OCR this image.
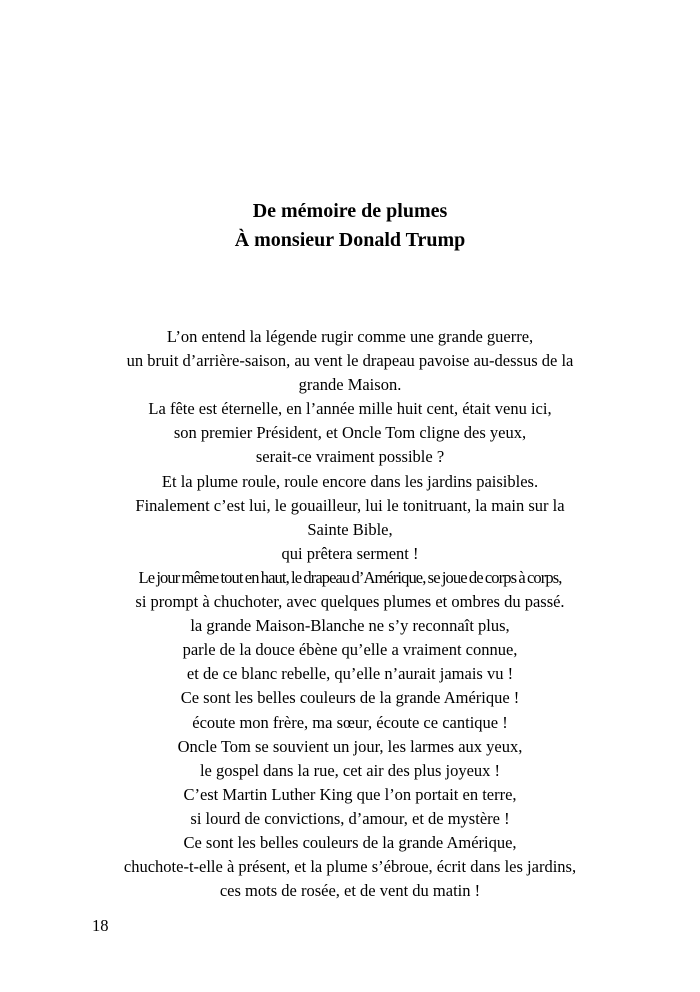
De mémoire de plumes

À monsieur Donald Trump

L’on entend la légende rugir comme une grande guerre,
un bruit d’arrière-saison, au vent le drapeau pavoise au-dessus de la
grande Maison.
La fête est éternelle, en l’année mille huit cent, était venu ici,
son premier Président, et Oncle Tom cligne des yeux,
serait-ce vraiment possible ?
Et la plume roule, roule encore dans les jardins paisibles.
Finalement c’est lui, le gouailleur, lui le tonitruant, la main sur la
Sainte Bible,
qui prêtera serment !
Le jour même tout en haut, le drapeau d’Amérique, se joue de corps à corps,
si prompt à chuchoter, avec quelques plumes et ombres du passé.
la grande Maison-Blanche ne s’y reconnaît plus,
parle de la douce ébène qu’elle a vraiment connue,
et de ce blanc rebelle, qu’elle n’aurait jamais vu !
Ce sont les belles couleurs de la grande Amérique !
écoute mon frère, ma sœur, écoute ce cantique !
Oncle Tom se souvient un jour, les larmes aux yeux,
le gospel dans la rue, cet air des plus joyeux !
C’est Martin Luther King que l’on portait en terre,
si lourd de convictions, d’amour, et de mystère !
Ce sont les belles couleurs de la grande Amérique,
chuchote-t-elle à présent, et la plume s’ébroue, écrit dans les jardins,
ces mots de rosée, et de vent du matin !
18
